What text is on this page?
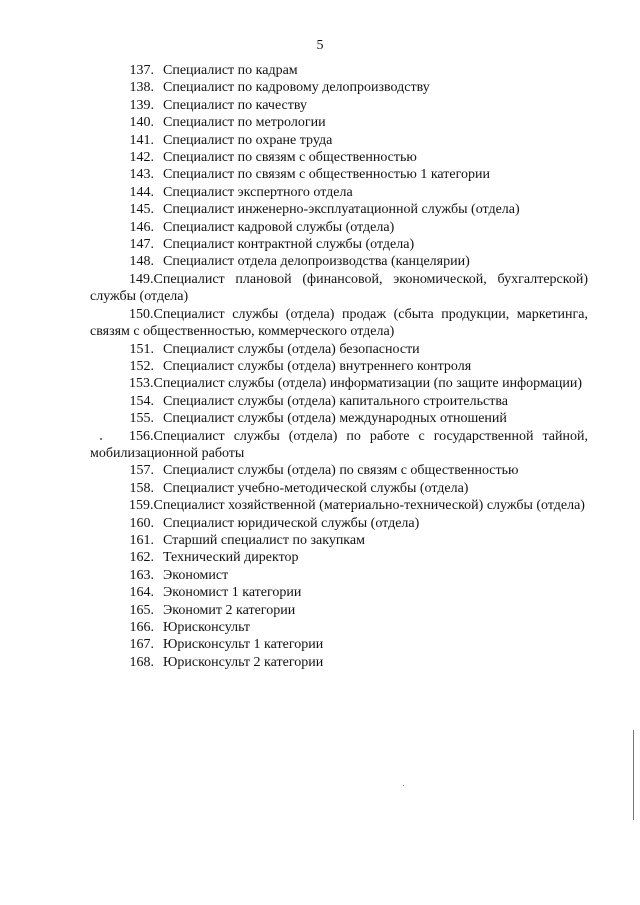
5
137. Специалист по кадрам
138. Специалист по кадровому делопроизводству
139. Специалист по качеству
140. Специалист по метрологии
141. Специалист по охране труда
142. Специалист по связям с общественностью
143. Специалист по связям с общественностью 1 категории
144. Специалист экспертного отдела
145. Специалист инженерно-эксплуатационной службы (отдела)
146. Специалист кадровой службы (отдела)
147. Специалист контрактной службы (отдела)
148. Специалист отдела делопроизводства (канцелярии)
149.Специалист плановой (финансовой, экономической, бухгалтерской) службы (отдела)
150.Специалист службы (отдела) продаж (сбыта продукции, маркетинга, связям с общественностью, коммерческого отдела)
151. Специалист службы (отдела) безопасности
152. Специалист службы (отдела) внутреннего контроля
153.Специалист службы (отдела) информатизации (по защите информации)
154. Специалист службы (отдела) капитального строительства
155. Специалист службы (отдела) международных отношений
156.Специалист службы (отдела) по работе с государственной тайной, мобилизационной работы
157. Специалист службы (отдела) по связям с общественностью
158. Специалист учебно-методической службы (отдела)
159.Специалист хозяйственной (материально-технической) службы (отдела)
160. Специалист юридической службы (отдела)
161. Старший специалист по закупкам
162. Технический директор
163. Экономист
164. Экономист 1 категории
165. Экономит 2 категории
166. Юрисконсульт
167. Юрисконсульт 1 категории
168. Юрисконсульт 2 категории
